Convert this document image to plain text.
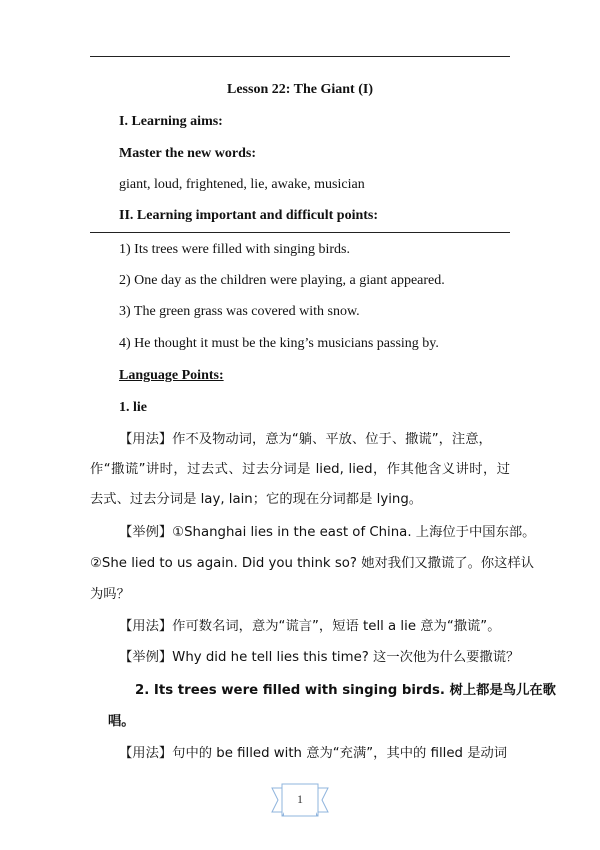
Lesson 22: The Giant (I)
I. Learning aims:
Master the new words:
giant, loud, frightened, lie, awake, musician
II. Learning important and difficult points:
1) Its trees were filled with singing birds.
2) One day as the children were playing, a giant appeared.
3) The green grass was covered with snow.
4) He thought it must be the king’s musicians passing by.
Language Points:
1. lie
【用法】作不及物动词，意为“躺、平放、位于、撒谎”，注意，
作“撒谎”讲时，过去式、过去分词是 lied, lied，作其他含义讲时，过
去式、过去分词是 lay, lain；它的现在分词都是 lying。
【举例】①Shanghai lies in the east of China. 上海位于中国东部。
②She lied to us again. Did you think so? 她对我们又撒谎了。你这样认
为吗？
【用法】作可数名词，意为“谎言”，短语 tell a lie 意为“撒谎”。
【举例】Why did he tell lies this time? 这一次他为什么要撒谎？
2. Its trees were filled with singing birds. 树上都是鸟儿在歌
唱。
【用法】句中的 be filled with 意为“充满”，其中的 filled 是动词
1
